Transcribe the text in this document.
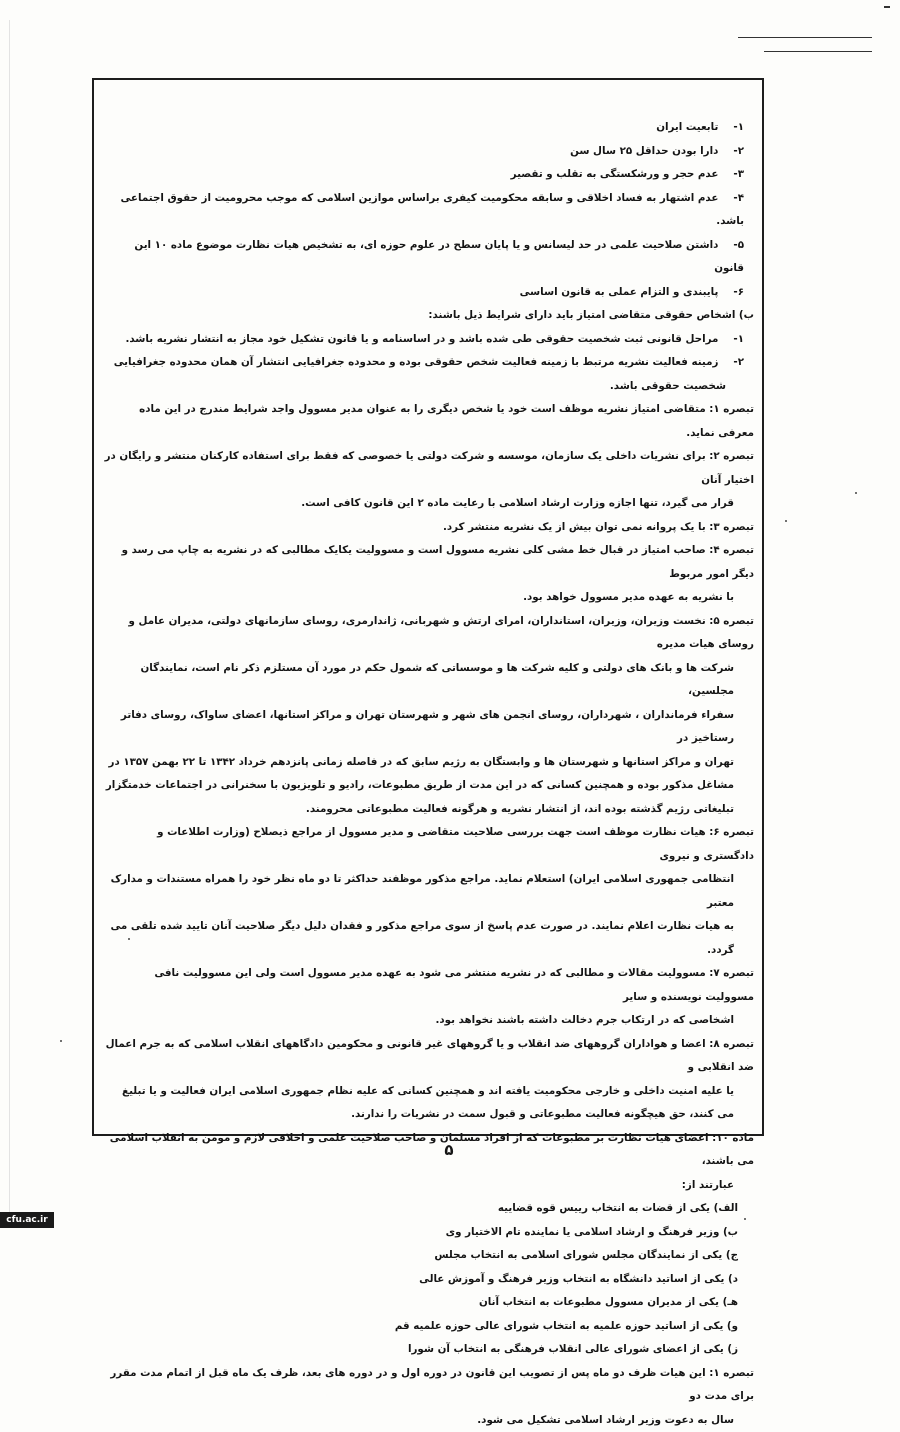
۱- تابعیت ایران

۲- دارا بودن حداقل ۲۵ سال سن

۳- عدم حجر و ورشکستگی به تقلب و تقصیر

۴- عدم اشتهار به فساد اخلاقی و سابقه محکومیت کیفری براساس موازین اسلامی که موجب محرومیت از حقوق اجتماعی باشد.

۵- داشتن صلاحیت علمی در حد لیسانس و یا پایان سطح در علوم حوزه ای، به تشخیص هیات نظارت موضوع ماده ۱۰ این قانون

۶- پایبندی و التزام عملی به قانون اساسی

ب) اشخاص حقوقی متقاضی امتیاز باید دارای شرایط ذیل باشند:

۱- مراحل قانونی ثبت شخصیت حقوقی طی شده باشد و در اساسنامه و یا قانون تشکیل خود مجاز به انتشار نشریه باشد.

۲- زمینه فعالیت نشریه مرتبط با زمینه فعالیت شخص حقوقی بوده و محدوده جغرافیایی انتشار آن همان محدوده جغرافیایی

شخصیت حقوقی باشد.

تبصره ۱: متقاضی امتیاز نشریه موظف است خود یا شخص دیگری را به عنوان مدیر مسوول واجد شرایط مندرج در این ماده معرفی نماید.

تبصره ۲: برای نشریات داخلی یک سازمان، موسسه و شرکت دولتی یا خصوصی که فقط برای استفاده کارکنان منتشر و رایگان در اختیار آنان

قرار می گیرد، تنها اجازه وزارت ارشاد اسلامی با رعایت ماده ۲ این قانون کافی است.

تبصره ۳: با یک پروانه نمی توان بیش از یک نشریه منتشر کرد.

تبصره ۴: صاحب امتیاز در قبال خط مشی کلی نشریه مسوول است و مسوولیت یکایک مطالبی که در نشریه به چاپ می رسد و دیگر امور مربوط

با نشریه به عهده مدیر مسوول خواهد بود.

تبصره ۵: نخست وزیران، وزیران، استانداران، امرای ارتش و شهربانی، ژاندارمری، روسای سازمانهای دولتی، مدیران عامل و روسای هیات مدیره

شرکت ها و بانک های دولتی و کلیه شرکت ها و موسساتی که شمول حکم در مورد آن مستلزم ذکر نام است، نمایندگان مجلسین،

سفراء فرمانداران ، شهرداران، روسای انجمن های شهر و شهرستان تهران و مراکز استانها، اعضای ساواک، روسای دفاتر رستاخیز در

تهران و مراکز استانها و شهرستان ها و وابستگان به رژیم سابق که در فاصله زمانی پانزدهم خرداد ۱۳۴۲ تا ۲۲ بهمن ۱۳۵۷ در

مشاغل مذکور بوده و همچنین کسانی که در این مدت از طریق مطبوعات، رادیو و تلویزیون با سخنرانی در اجتماعات خدمتگزار

تبلیغاتی رژیم گذشته بوده اند، از انتشار نشریه و هرگونه فعالیت مطبوعاتی محرومند.

تبصره ۶: هیات نظارت موظف است جهت بررسی صلاحیت متقاضی و مدیر مسوول از مراجع ذیصلاح (وزارت اطلاعات و دادگستری و نیروی

انتظامی جمهوری اسلامی ایران) استعلام نماید. مراجع مذکور موظفند حداکثر تا دو ماه نظر خود را همراه مستندات و مدارک معتبر

به هیات نظارت اعلام نمایند. در صورت عدم پاسخ از سوی مراجع مذکور و فقدان دلیل دیگر صلاحیت آنان تایید شده تلقی می گردد.

تبصره ۷: مسوولیت مقالات و مطالبی که در نشریه منتشر می شود به عهده مدیر مسوول است ولی این مسوولیت نافی مسوولیت نویسنده و سایر

اشخاصی که در ارتکاب جرم دخالت داشته باشند نخواهد بود.

تبصره ۸: اعضا و هواداران گروههای ضد انقلاب و یا گروههای غیر قانونی و محکومین دادگاههای انقلاب اسلامی که به جرم اعمال ضد انقلابی و

یا علیه امنیت داخلی و خارجی محکومیت یافته اند و همچنین کسانی که علیه نظام جمهوری اسلامی ایران فعالیت و یا تبلیغ

می کنند، حق هیچگونه فعالیت مطبوعاتی و قبول سمت در نشریات را ندارند.

ماده ۱۰: اعضای هیات نظارت بر مطبوعات که از افراد مسلمان و صاحب صلاحیت علمی و اخلاقی لازم و مومن به انقلاب اسلامی می باشند،

عبارتند از:

الف) یکی از قضات به انتخاب رییس قوه قضاییه

ب) وزیر فرهنگ و ارشاد اسلامی یا نماینده تام الاختیار وی

ج) یکی از نمایندگان مجلس شورای اسلامی به انتخاب مجلس

د) یکی از اساتید دانشگاه به انتخاب وزیر فرهنگ و آموزش عالی

هـ) یکی از مدیران مسوول مطبوعات به انتخاب آنان

و) یکی از اساتید حوزه علمیه به انتخاب شورای عالی حوزه علمیه قم

ز) یکی از اعضای شورای عالی انقلاب فرهنگی به انتخاب آن شورا

تبصره ۱: این هیات ظرف دو ماه پس از تصویب این قانون در دوره اول و در دوره های بعد، ظرف یک ماه قبل از اتمام مدت مقرر برای مدت دو

سال به دعوت وزیر ارشاد اسلامی تشکیل می شود.

۵
cfu.ac.ir
